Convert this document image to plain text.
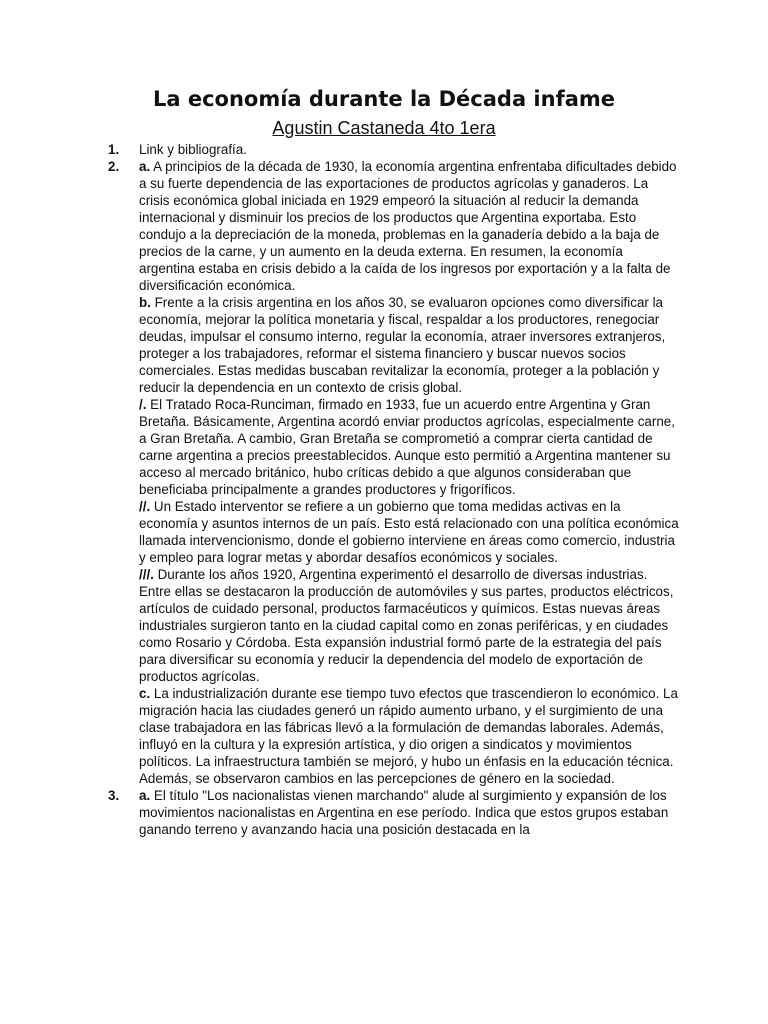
La economía durante la Década infame

Agustin Castaneda 4to 1era

1.	Link y bibliografía.
2.	a. A principios de la década de 1930, la economía argentina enfrentaba dificultades debido a su fuerte dependencia de las exportaciones de productos agrícolas y ganaderos. La crisis económica global iniciada en 1929 empeoró la situación al reducir la demanda internacional y disminuir los precios de los productos que Argentina exportaba. Esto condujo a la depreciación de la moneda, problemas en la ganadería debido a la baja de precios de la carne, y un aumento en la deuda externa. En resumen, la economía argentina estaba en crisis debido a la caída de los ingresos por exportación y a la falta de diversificación económica.
b. Frente a la crisis argentina en los años 30, se evaluaron opciones como diversificar la economía, mejorar la política monetaria y fiscal, respaldar a los productores, renegociar deudas, impulsar el consumo interno, regular la economía, atraer inversores extranjeros, proteger a los trabajadores, reformar el sistema financiero y buscar nuevos socios comerciales. Estas medidas buscaban revitalizar la economía, proteger a la población y reducir la dependencia en un contexto de crisis global.
/. El Tratado Roca-Runciman, firmado en 1933, fue un acuerdo entre Argentina y Gran Bretaña. Básicamente, Argentina acordó enviar productos agrícolas, especialmente carne, a Gran Bretaña. A cambio, Gran Bretaña se comprometió a comprar cierta cantidad de carne argentina a precios preestablecidos. Aunque esto permitió a Argentina mantener su acceso al mercado británico, hubo críticas debido a que algunos consideraban que beneficiaba principalmente a grandes productores y frigoríficos.
//. Un Estado interventor se refiere a un gobierno que toma medidas activas en la economía y asuntos internos de un país. Esto está relacionado con una política económica llamada intervencionismo, donde el gobierno interviene en áreas como comercio, industria y empleo para lograr metas y abordar desafíos económicos y sociales.
///. Durante los años 1920, Argentina experimentó el desarrollo de diversas industrias. Entre ellas se destacaron la producción de automóviles y sus partes, productos eléctricos, artículos de cuidado personal, productos farmacéuticos y químicos. Estas nuevas áreas industriales surgieron tanto en la ciudad capital como en zonas periféricas, y en ciudades como Rosario y Córdoba. Esta expansión industrial formó parte de la estrategia del país para diversificar su economía y reducir la dependencia del modelo de exportación de productos agrícolas.
c. La industrialización durante ese tiempo tuvo efectos que trascendieron lo económico. La migración hacia las ciudades generó un rápido aumento urbano, y el surgimiento de una clase trabajadora en las fábricas llevó a la formulación de demandas laborales. Además, influyó en la cultura y la expresión artística, y dio origen a sindicatos y movimientos políticos. La infraestructura también se mejoró, y hubo un énfasis en la educación técnica. Además, se observaron cambios en las percepciones de género en la sociedad.
3.	a. El título "Los nacionalistas vienen marchando" alude al surgimiento y expansión de los movimientos nacionalistas en Argentina en ese período. Indica que estos grupos estaban ganando terreno y avanzando hacia una posición destacada en la
